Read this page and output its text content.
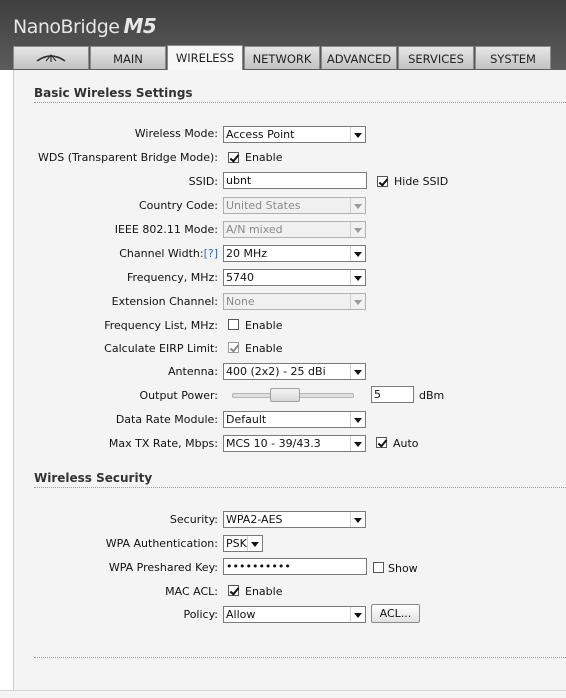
NanoBridge M5
MAIN	WIRELESS	NETWORK	ADVANCED	SERVICES	SYSTEM
Basic Wireless Settings
Wireless Mode: Access Point
WDS (Transparent Bridge Mode): Enable
SSID: ubnt	Hide SSID
Country Code: United States
IEEE 802.11 Mode: A/N mixed
Channel Width:[?] 20 MHz
Frequency, MHz: 5740
Extension Channel: None
Frequency List, MHz: Enable
Calculate EIRP Limit: Enable
Antenna: 400 (2x2) - 25 dBi
Output Power:	5	dBm
Data Rate Module: Default
Max TX Rate, Mbps: MCS 10 - 39/43.3	Auto
Wireless Security
Security: WPA2-AES
WPA Authentication: PSK
WPA Preshared Key: ••••••••••	Show
MAC ACL: Enable
Policy: Allow	ACL...
